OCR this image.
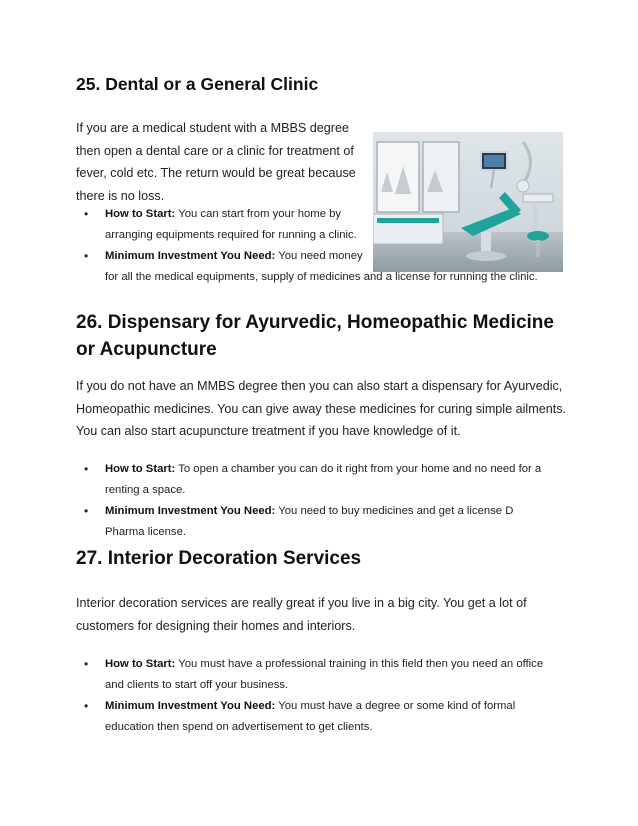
25. Dental or a General Clinic

If you are a medical student with a MBBS degree then open a dental care or a clinic for treatment of fever, cold etc. The return would be great because there is no loss.

• How to Start: You can start from your home by arranging equipments required for running a clinic.
• Minimum Investment You Need: You need money
for all the medical equipments, supply of medicines and a license for running the clinic.
26. Dispensary for Ayurvedic, Homeopathic Medicine or Acupuncture

If you do not have an MMBS degree then you can also start a dispensary for Ayurvedic, Homeopathic medicines. You can give away these medicines for curing simple ailments. You can also start acupuncture treatment if you have knowledge of it.

• How to Start: To open a chamber you can do it right from your home and no need for a renting a space.
• Minimum Investment You Need: You need to buy medicines and get a license D Pharma license.
27. Interior Decoration Services

Interior decoration services are really great if you live in a big city. You get a lot of customers for designing their homes and interiors.

• How to Start: You must have a professional training in this field then you need an office and clients to start off your business.
• Minimum Investment You Need: You must have a degree or some kind of formal education then spend on advertisement to get clients.
